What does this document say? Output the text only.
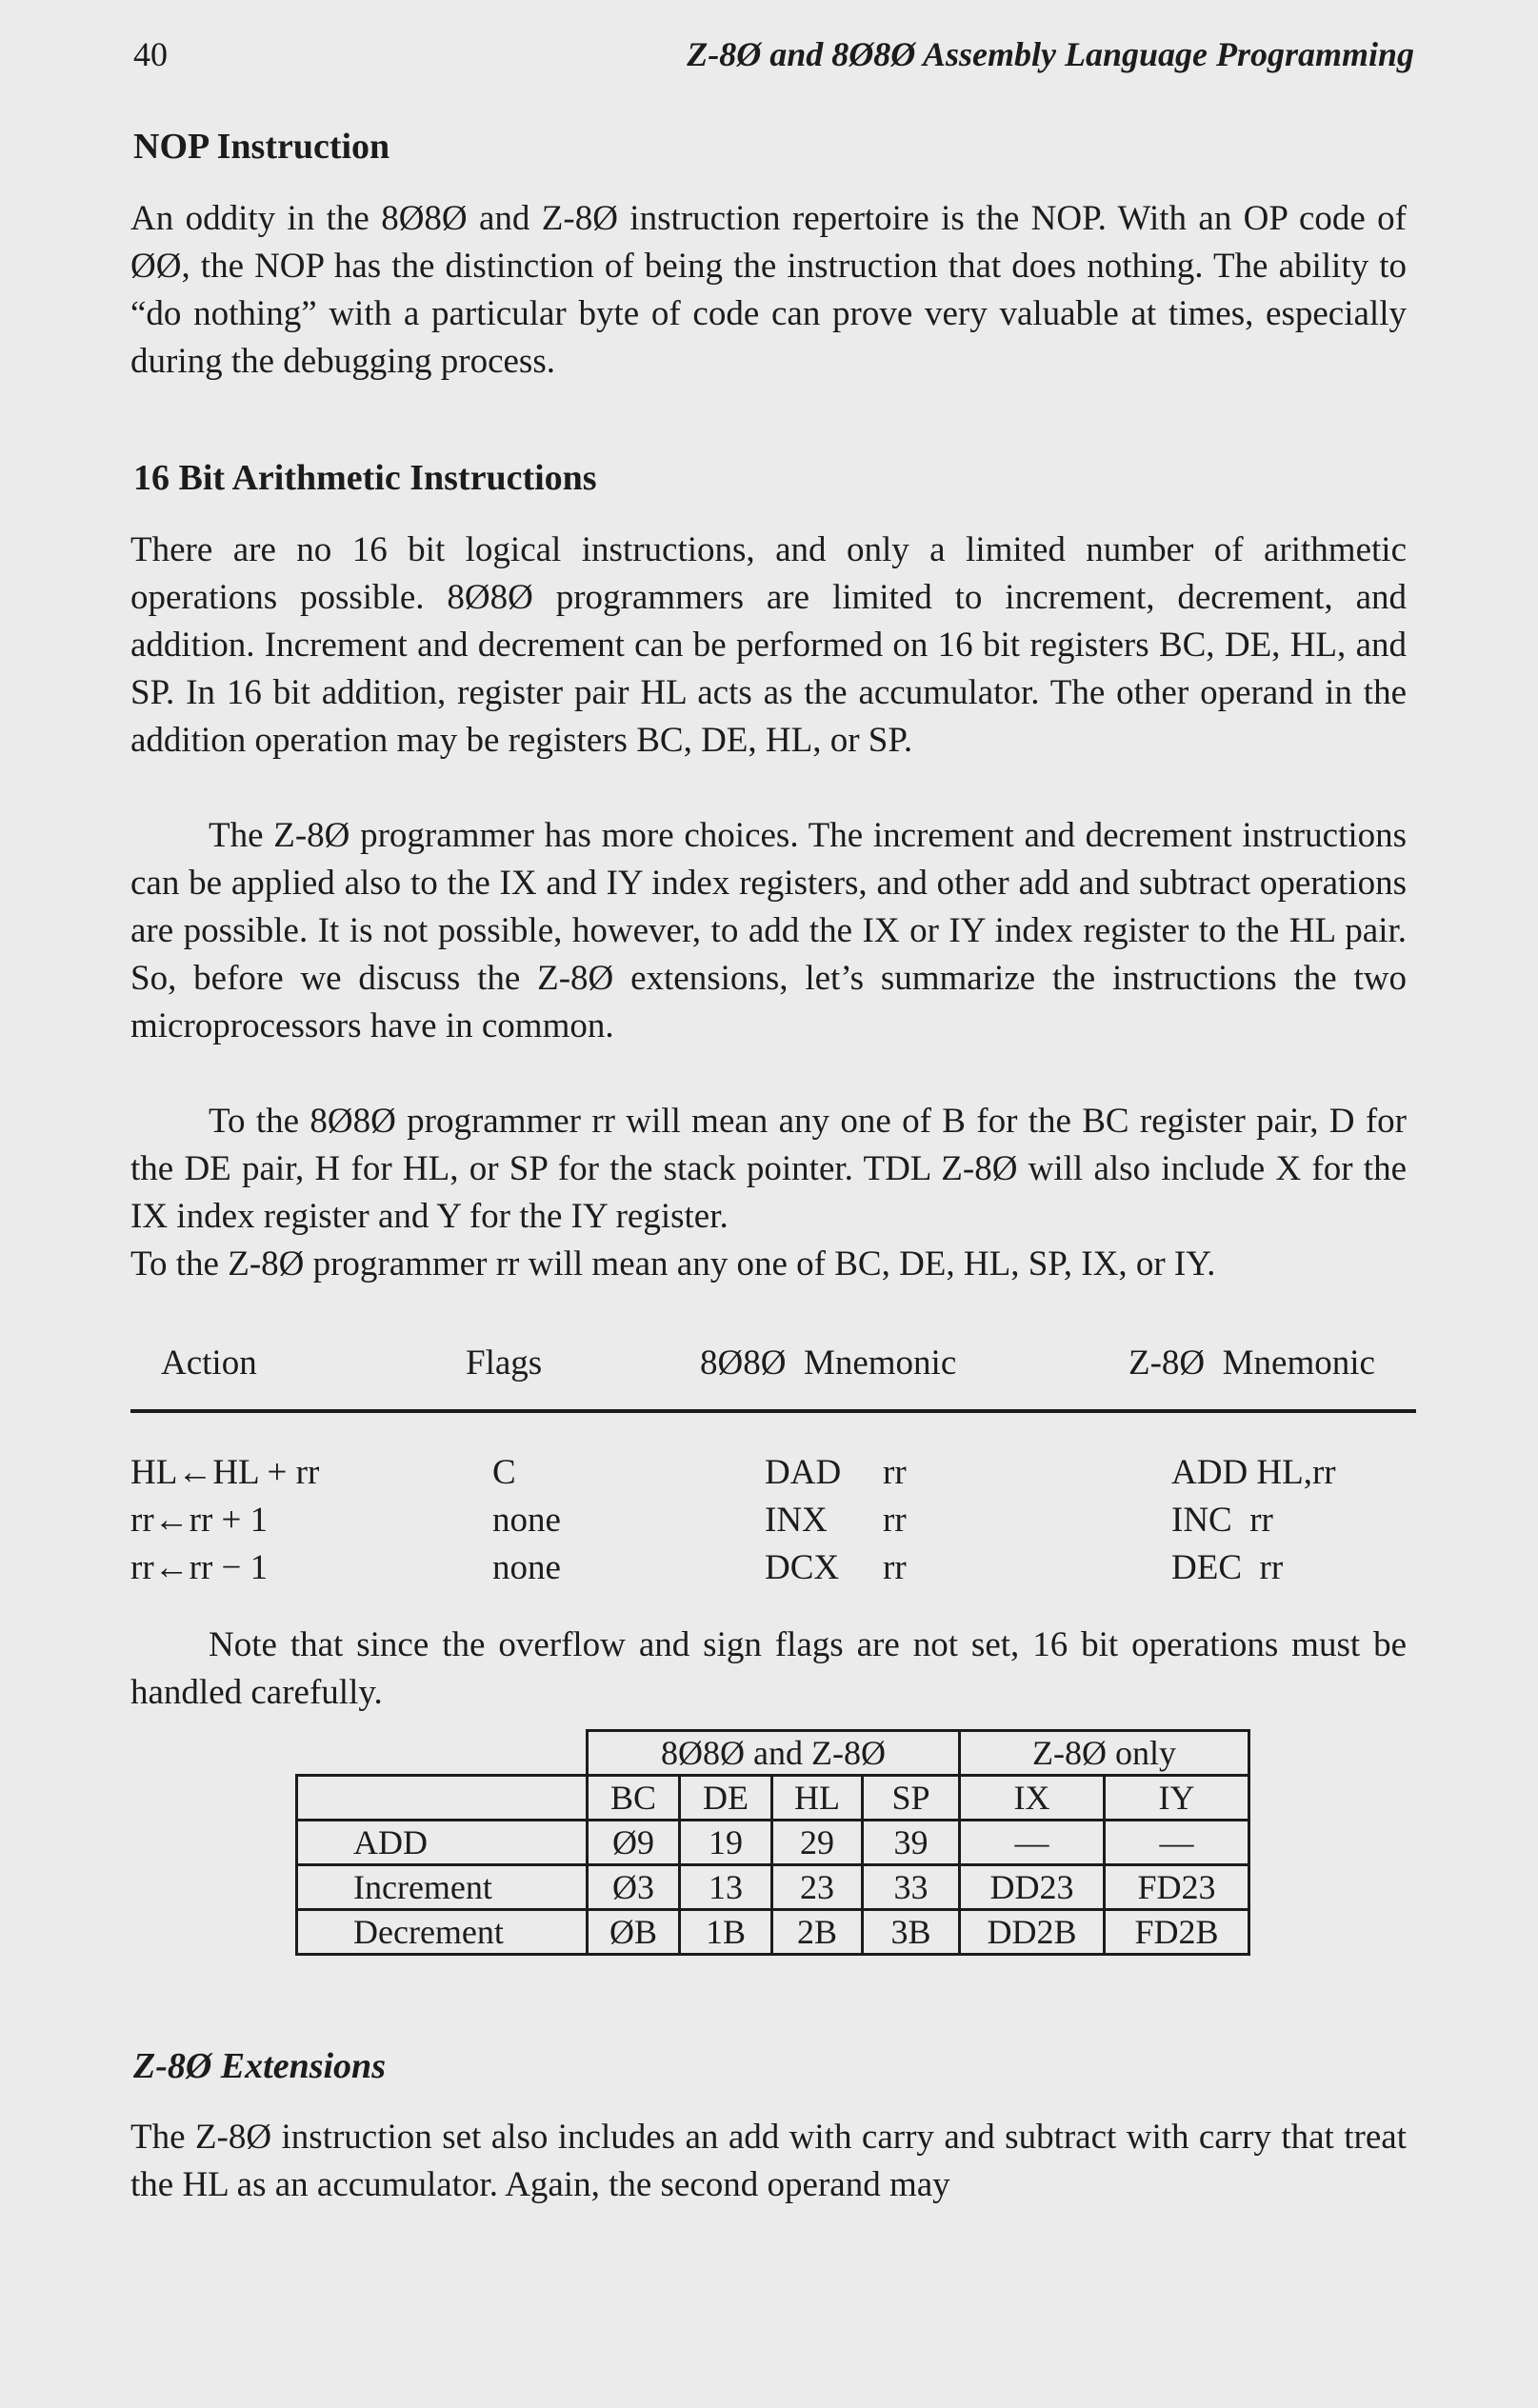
40	Z-8Ø and 8Ø8Ø Assembly Language Programming
NOP Instruction

An oddity in the 8Ø8Ø and Z-8Ø instruction repertoire is the NOP. With an OP code of ØØ, the NOP has the distinction of being the instruction that does nothing. The ability to “do nothing” with a particular byte of code can prove very valuable at times, especially during the debugging process.

16 Bit Arithmetic Instructions

There are no 16 bit logical instructions, and only a limited number of arithmetic operations possible. 8Ø8Ø programmers are limited to increment, decrement, and addition. Increment and decrement can be performed on 16 bit registers BC, DE, HL, and SP. In 16 bit addition, register pair HL acts as the accumulator. The other operand in the addition operation may be registers BC, DE, HL, or SP.

The Z-8Ø programmer has more choices. The increment and decrement instructions can be applied also to the IX and IY index registers, and other add and subtract operations are possible. It is not possible, however, to add the IX or IY index register to the HL pair. So, before we discuss the Z-8Ø extensions, let’s summarize the instructions the two microprocessors have in common.

To the 8Ø8Ø programmer rr will mean any one of B for the BC register pair, D for the DE pair, H for HL, or SP for the stack pointer. TDL Z-8Ø will also include X for the IX index register and Y for the IY register.

To the Z-8Ø programmer rr will mean any one of BC, DE, HL, SP, IX, or IY.

Action	Flags	8Ø8Ø  Mnemonic	Z-8Ø  Mnemonic
HL←HL + rr	C	DAD rr	ADD HL,rr
rr←rr + 1	none	INX rr	INC  rr
rr←rr − 1	none	DCX rr	DEC  rr

Note that since the overflow and sign flags are not set, 16 bit operations must be handled carefully.

	8Ø8Ø and Z-8Ø				Z-8Ø only	
	BC	DE	HL	SP	IX	IY
ADD	Ø9	19	29	39	—	—
Increment	Ø3	13	23	33	DD23	FD23
Decrement	ØB	1B	2B	3B	DD2B	FD2B
Z-8Ø Extensions

The Z-8Ø instruction set also includes an add with carry and subtract with carry that treat the HL as an accumulator. Again, the second operand may
